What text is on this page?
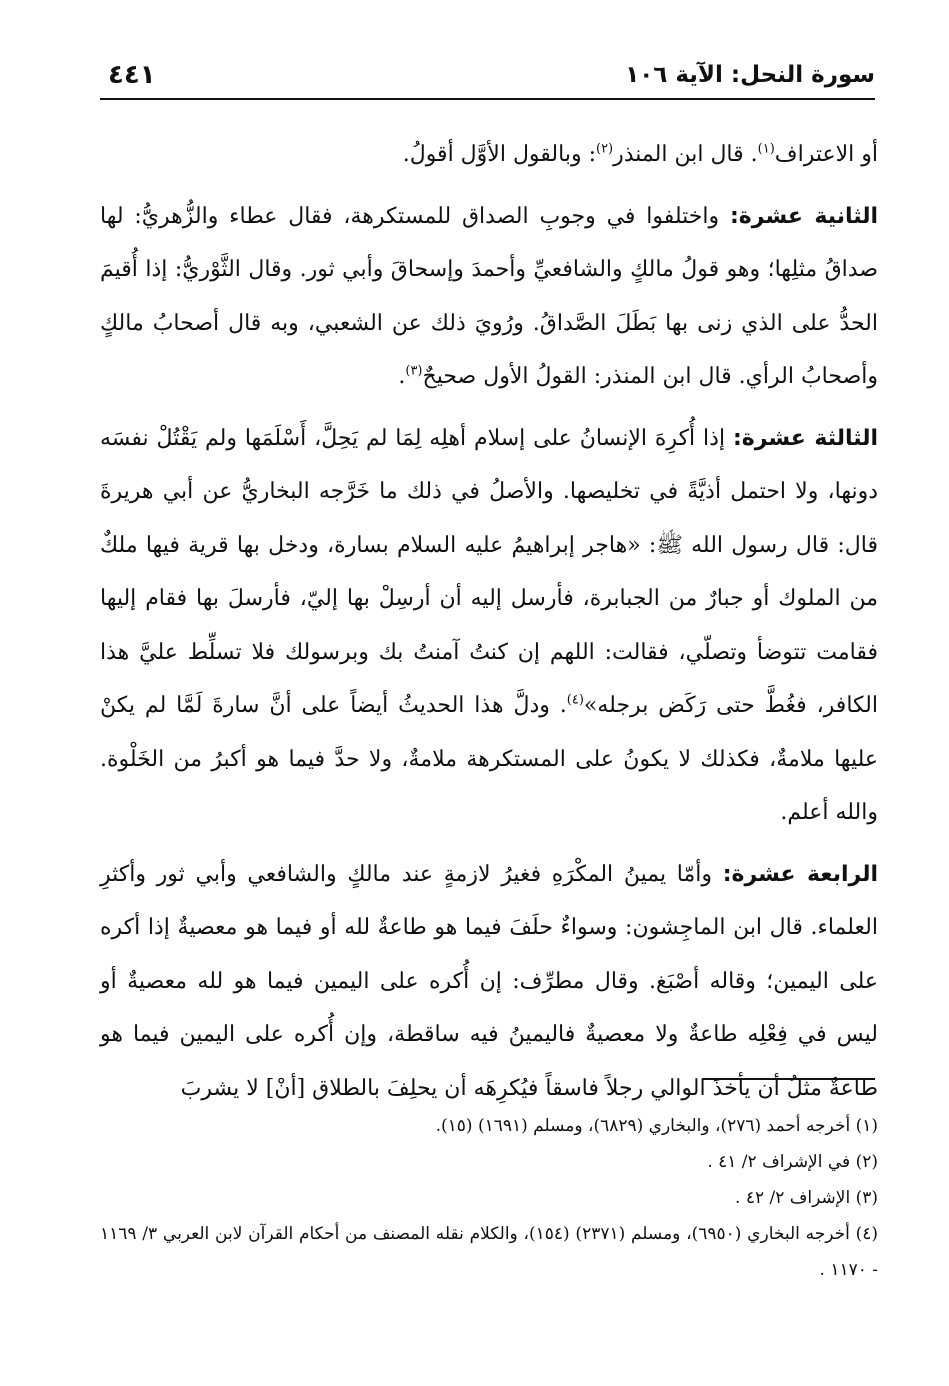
سورة النحل: الآية ١٠٦
٤٤١

أو الاعتراف$^{(١)}$. قال ابن المنذر$^{(٢)}$: وبالقول الأوَّل أقولُ.

الثانية عشرة: واختلفوا في وجوبِ الصداق للمستكرهة، فقال عطاء والزُّهريُّ: لها صداقُ مثلِها؛ وهو قولُ مالكٍ والشافعيِّ وأحمدَ وإسحاقَ وأبي ثور. وقال الثَّوْريُّ: إذا أُقيمَ الحدُّ على الذي زنى بها بَطَلَ الصَّداقُ. ورُويَ ذلك عن الشعبي، وبه قال أصحابُ مالكٍ وأصحابُ الرأي. قال ابن المنذر: القولُ الأول صحيحٌ$^{(٣)}$.

الثالثة عشرة: إذا أُكرِهَ الإنسانُ على إسلام أهلِه لِمَا لم يَحِلَّ، أَسْلَمَها ولم يَقْتُلْ نفسَه دونها، ولا احتمل أذيَّةً في تخليصها. والأصلُ في ذلك ما خَرَّجه البخاريُّ عن أبي هريرةَ قال: قال رسول الله ﷺ: «هاجر إبراهيمُ عليه السلام بسارة، ودخل بها قرية فيها ملكٌ من الملوك أو جبارٌ من الجبابرة، فأرسل إليه أن أرسِلْ بها إليّ، فأرسلَ بها فقام إليها فقامت تتوضأ وتصلّي، فقالت: اللهم إن كنتُ آمنتُ بك وبرسولك فلا تسلِّط عليَّ هذا الكافر، فغُطَّ حتى رَكَض برجله»$^{(٤)}$. ودلَّ هذا الحديثُ أيضاً على أنَّ سارةَ لَمَّا لم يكنْ عليها ملامةٌ، فكذلك لا يكونُ على المستكرهة ملامةٌ، ولا حدَّ فيما هو أكبرُ من الخَلْوة. والله أعلم.

الرابعة عشرة: وأمّا يمينُ المكْرَهِ فغيرُ لازمةٍ عند مالكٍ والشافعي وأبي ثور وأكثرِ العلماء. قال ابن الماجِشون: وسواءٌ حلَفَ فيما هو طاعةٌ لله أو فيما هو معصيةٌ إذا أكره على اليمين؛ وقاله أصْبَغ. وقال مطرِّف: إن أُكره على اليمين فيما هو لله معصيةٌ أو ليس في فِعْلِه طاعةٌ ولا معصيةٌ فاليمينُ فيه ساقطة، وإن أُكره على اليمين فيما هو طاعةٌ مثلُ أن يأخذَ الوالي رجلاً فاسقاً فيُكرِهَه أن يحلِفَ بالطلاق [أنْ] لا يشربَ

(١) أخرجه أحمد (٢٧٦)، والبخاري (٦٨٢٩)، ومسلم (١٦٩١) (١٥).

(٢) في الإشراف ٢/ ٤١ .

(٣) الإشراف ٢/ ٤٢ .

(٤) أخرجه البخاري (٦٩٥٠)، ومسلم (٢٣٧١) (١٥٤)، والكلام نقله المصنف من أحكام القرآن لابن العربي ٣/ ١١٦٩ - ١١٧٠ .
